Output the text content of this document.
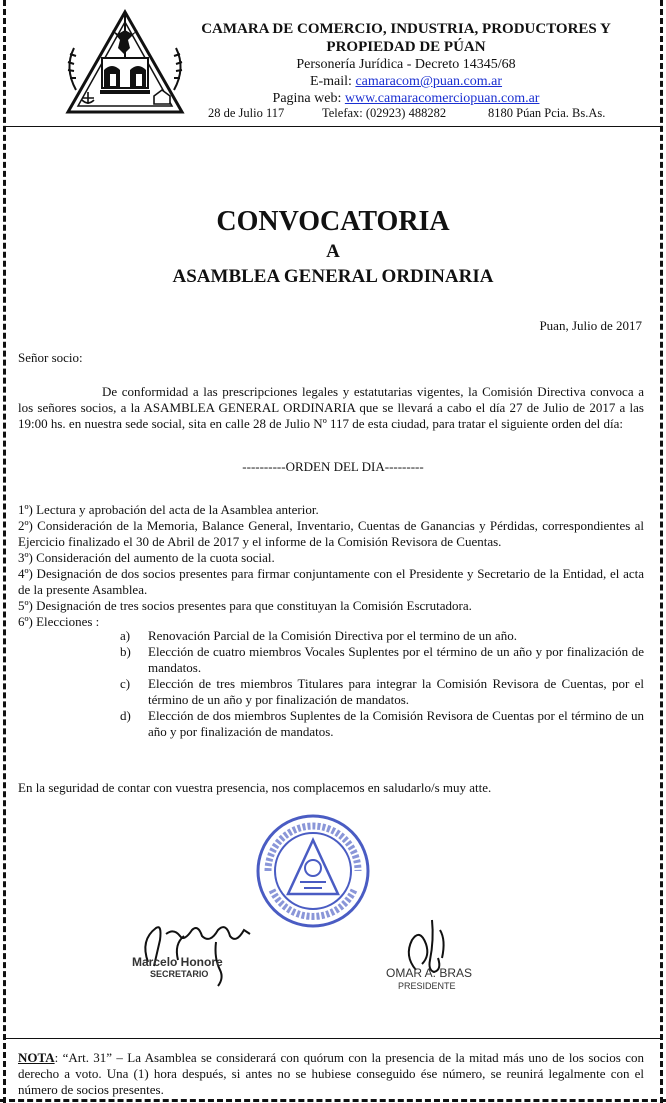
CAMARA DE COMERCIO, INDUSTRIA, PRODUCTORES Y PROPIEDAD DE PÚAN
Personería Jurídica - Decreto 14345/68
E-mail: camaracom@puan.com.ar
Pagina web: www.camaracomerciopuan.com.ar
28 de Julio 117	Telefax: (02923) 488282	8180 Púan Pcia. Bs.As.
CONVOCATORIA
A
ASAMBLEA GENERAL ORDINARIA
Puan, Julio de 2017
Señor socio:
De conformidad a las prescripciones legales y estatutarias vigentes, la Comisión Directiva convoca a los señores socios, a la ASAMBLEA GENERAL ORDINARIA que se llevará a cabo el día 27 de Julio de 2017 a las 19:00 hs. en nuestra sede social, sita en calle 28 de Julio Nº 117 de esta ciudad, para tratar el siguiente orden del día:
----------ORDEN DEL DIA---------
1º) Lectura y aprobación del acta de la Asamblea anterior.
2º) Consideración de la Memoria, Balance General, Inventario, Cuentas de Ganancias y Pérdidas, correspondientes al Ejercicio finalizado el 30 de Abril de 2017 y el informe de la Comisión Revisora de Cuentas.
3º) Consideración del aumento de la cuota social.
4º) Designación de dos socios presentes para firmar conjuntamente con el Presidente y Secretario de la Entidad, el acta de la presente Asamblea.
5º) Designación de tres socios presentes para que constituyan la Comisión Escrutadora.
6º) Elecciones :
a)	Renovación Parcial de la Comisión Directiva por el termino de un año.
b)	Elección de cuatro miembros Vocales Suplentes por el término de un año y por finalización de mandatos.
c)	Elección de tres miembros Titulares para integrar la Comisión Revisora de Cuentas, por el término de un año y por finalización de mandatos.
d)	Elección de dos miembros Suplentes de la Comisión Revisora de Cuentas por el término de un año y por finalización de mandatos.
En la seguridad de contar con vuestra presencia, nos complacemos en saludarlo/s muy atte.
Marcelo Honore
SECRETARIO	OMAR A. BRAS
PRESIDENTE
NOTA: “Art. 31” – La Asamblea se considerará con quórum con la presencia de la mitad más uno de los socios con derecho a voto. Una (1) hora después, si antes no se hubiese conseguido ése número, se reunirá legalmente con el número de socios presentes.
